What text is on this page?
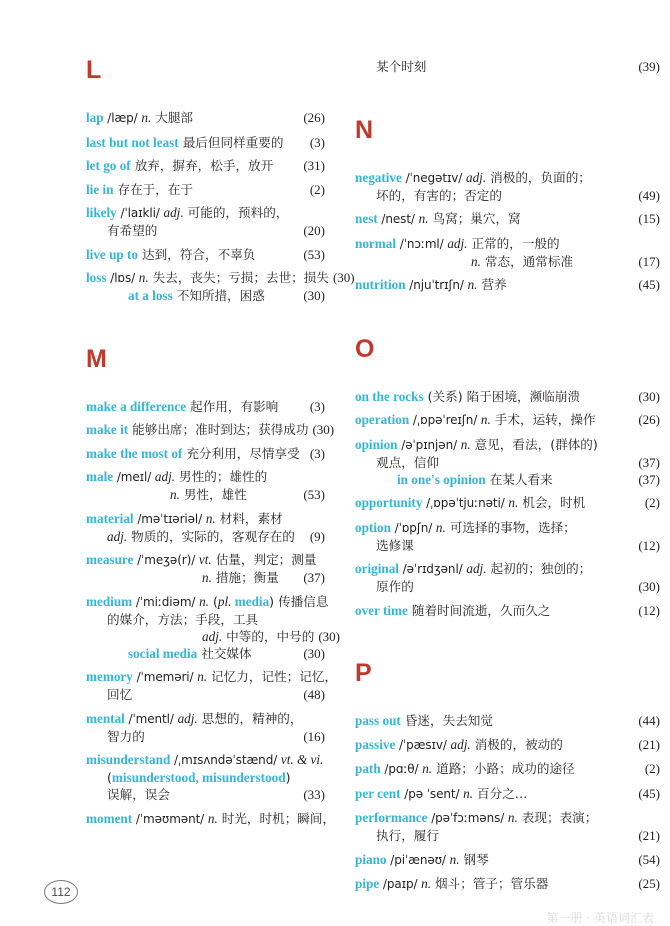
L
lap /læp/ n. 大腿部	(26)
last but not least 最后但同样重要的	(3)
let go of 放弃，摒弃，松手，放开	(31)
lie in 存在于，在于	(2)
likely /ˈlaɪkli/ adj. 可能的，预料的，
有希望的	(20)
live up to 达到，符合，不辜负	(53)
loss /lɒs/ n. 失去，丧失；亏损；去世；损失 (30)
at a loss 不知所措，困惑	(30)
M
make a difference 起作用，有影响	(3)
make it 能够出席；准时到达；获得成功 (30)
make the most of 充分利用，尽情享受 (3)
male /meɪl/ adj. 男性的；雄性的
n. 男性，雄性	(53)
material /məˈtɪəriəl/ n. 材料，素材
adj. 物质的，实际的，客观存在的	(9)
measure /ˈmeʒə(r)/ vt. 估量，判定；测量
n. 措施；衡量	(37)
medium /ˈmiːdiəm/ n. (pl. media) 传播信息
的媒介，方法；手段，工具
adj. 中等的，中号的 (30)
social media 社交媒体	(30)
memory /ˈmeməri/ n. 记忆力，记性；记忆，
回忆	(48)
mental /ˈmentl/ adj. 思想的，精神的，
智力的	(16)
misunderstand /ˌmɪsʌndəˈstænd/ vt. & vi.
(misunderstood, misunderstood)
误解，误会	(33)
moment /ˈməʊmənt/ n. 时光，时机；瞬间，
某个时刻	(39)
N
negative /ˈnegətɪv/ adj. 消极的，负面的；
坏的，有害的；否定的	(49)
nest /nest/ n. 鸟窝；巢穴，窝	(15)
normal /ˈnɔːml/ adj. 正常的，一般的
n. 常态，通常标准	(17)
nutrition /njuˈtrɪʃn/ n. 营养	(45)
O
on the rocks (关系) 陷于困境，濒临崩溃	(30)
operation /ˌɒpəˈreɪʃn/ n. 手术，运转，操作	(26)
opinion /əˈpɪnjən/ n. 意见，看法，(群体的)
观点，信仰	(37)
in one's opinion 在某人看来	(37)
opportunity /ˌɒpəˈtjuːnəti/ n. 机会，时机	(2)
option /ˈɒpʃn/ n. 可选择的事物，选择；
选修课	(12)
original /əˈrɪdʒənl/ adj. 起初的；独创的；
原作的	(30)
over time 随着时间流逝，久而久之	(12)
P
pass out 昏迷，失去知觉	(44)
passive /ˈpæsɪv/ adj. 消极的，被动的	(21)
path /pɑːθ/ n. 道路；小路；成功的途径	(2)
per cent /pə ˈsent/ n. 百分之…	(45)
performance /pəˈfɔːməns/ n. 表现；表演；
执行，履行	(21)
piano /piˈænəʊ/ n. 钢琴	(54)
pipe /paɪp/ n. 烟斗；管子；管乐器	(25)
112
第一册 · 英语词汇表
